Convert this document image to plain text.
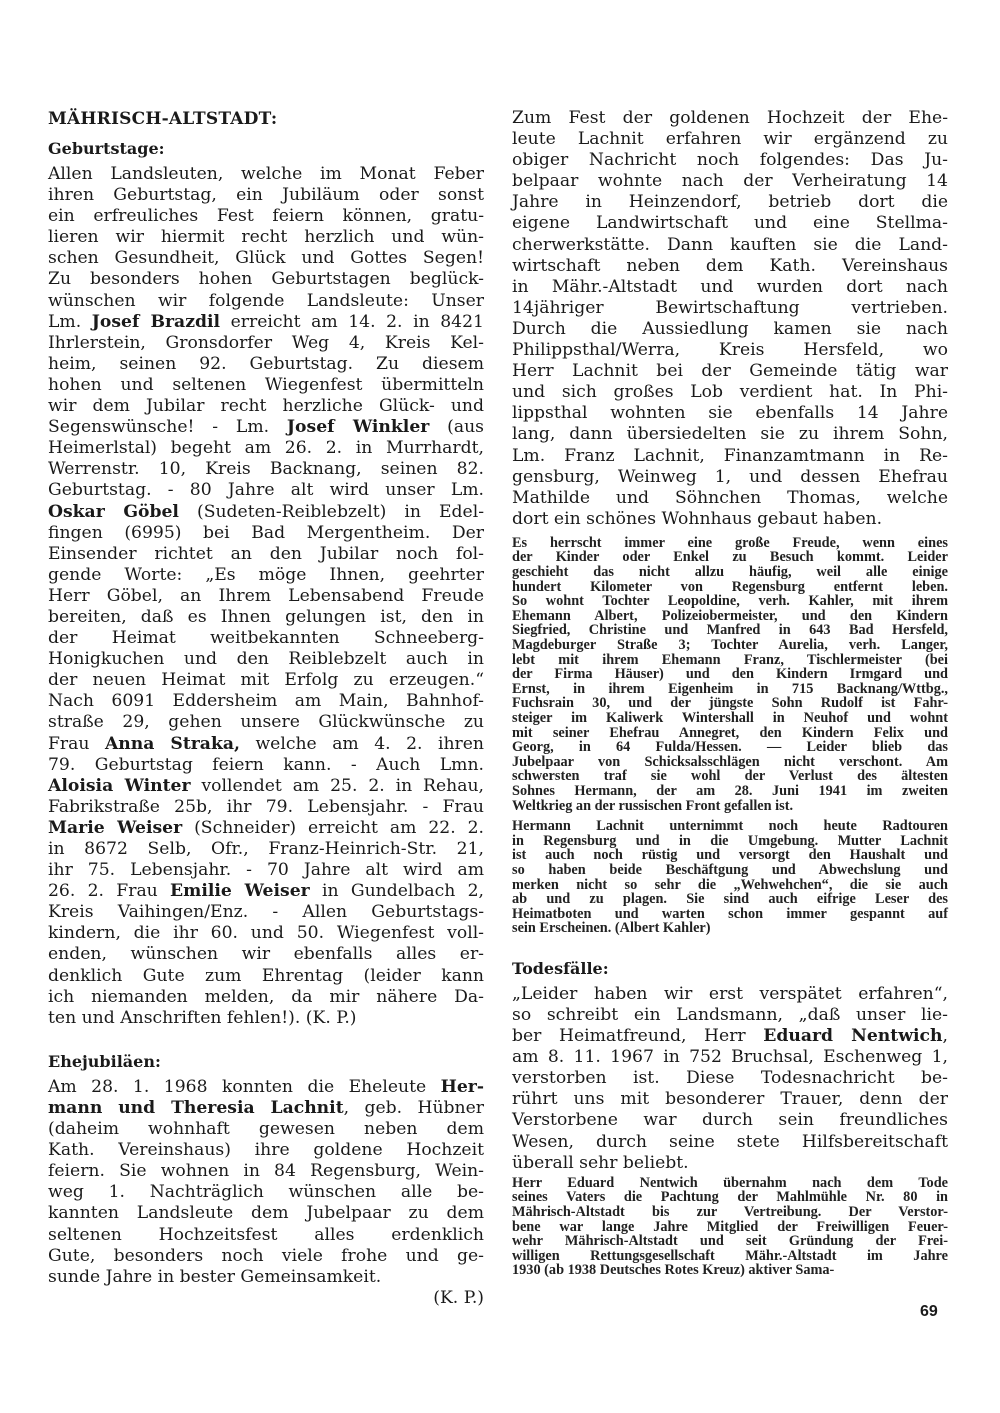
MÄHRISCH-ALTSTADT:
Geburtstage:
Allen Landsleuten, welche im Monat Feber
ihren Geburtstag, ein Jubiläum oder sonst
ein erfreuliches Fest feiern können, gratu-
lieren wir hiermit recht herzlich und wün-
schen Gesundheit, Glück und Gottes Segen!
Zu besonders hohen Geburtstagen beglück-
wünschen wir folgende Landsleute: Unser
Lm. Josef Brazdil erreicht am 14. 2. in 8421
Ihrlerstein, Gronsdorfer Weg 4, Kreis Kel-
heim, seinen 92. Geburtstag. Zu diesem
hohen und seltenen Wiegenfest übermitteln
wir dem Jubilar recht herzliche Glück- und
Segenswünsche! - Lm. Josef Winkler (aus
Heimerlstal) begeht am 26. 2. in Murrhardt,
Werrenstr. 10, Kreis Backnang, seinen 82.
Geburtstag. - 80 Jahre alt wird unser Lm.
Oskar Göbel (Sudeten-Reiblebzelt) in Edel-
fingen (6995) bei Bad Mergentheim. Der
Einsender richtet an den Jubilar noch fol-
gende Worte: „Es möge Ihnen, geehrter
Herr Göbel, an Ihrem Lebensabend Freude
bereiten, daß es Ihnen gelungen ist, den in
der Heimat weitbekannten Schneeberg-
Honigkuchen und den Reiblebzelt auch in
der neuen Heimat mit Erfolg zu erzeugen.“
Nach 6091 Eddersheim am Main, Bahnhof-
straße 29, gehen unsere Glückwünsche zu
Frau Anna Straka, welche am 4. 2. ihren
79. Geburtstag feiern kann. - Auch Lmn.
Aloisia Winter vollendet am 25. 2. in Rehau,
Fabrikstraße 25b, ihr 79. Lebensjahr. - Frau
Marie Weiser (Schneider) erreicht am 22. 2.
in 8672 Selb, Ofr., Franz-Heinrich-Str. 21,
ihr 75. Lebensjahr. - 70 Jahre alt wird am
26. 2. Frau Emilie Weiser in Gundelbach 2,
Kreis Vaihingen/Enz. - Allen Geburtstags-
kindern, die ihr 60. und 50. Wiegenfest voll-
enden, wünschen wir ebenfalls alles er-
denklich Gute zum Ehrentag (leider kann
ich niemanden melden, da mir nähere Da-
ten und Anschriften fehlen!). (K. P.)
Ehejubiläen:
Am 28. 1. 1968 konnten die Eheleute Her-
mann und Theresia Lachnit, geb. Hübner
(daheim wohnhaft gewesen neben dem
Kath. Vereinshaus) ihre goldene Hochzeit
feiern. Sie wohnen in 84 Regensburg, Wein-
weg 1. Nachträglich wünschen alle be-
kannten Landsleute dem Jubelpaar zu dem
seltenen Hochzeitsfest alles erdenklich
Gute, besonders noch viele frohe und ge-
sunde Jahre in bester Gemeinsamkeit.
(K. P.)
Zum Fest der goldenen Hochzeit der Ehe-
leute Lachnit erfahren wir ergänzend zu
obiger Nachricht noch folgendes: Das Ju-
belpaar wohnte nach der Verheiratung 14
Jahre in Heinzendorf, betrieb dort die
eigene Landwirtschaft und eine Stellma-
cherwerkstätte. Dann kauften sie die Land-
wirtschaft neben dem Kath. Vereinshaus
in Mähr.-Altstadt und wurden dort nach
14jähriger Bewirtschaftung vertrieben.
Durch die Aussiedlung kamen sie nach
Philippsthal/Werra, Kreis Hersfeld, wo
Herr Lachnit bei der Gemeinde tätig war
und sich großes Lob verdient hat. In Phi-
lippsthal wohnten sie ebenfalls 14 Jahre
lang, dann übersiedelten sie zu ihrem Sohn,
Lm. Franz Lachnit, Finanzamtmann in Re-
gensburg, Weinweg 1, und dessen Ehefrau
Mathilde und Söhnchen Thomas, welche
dort ein schönes Wohnhaus gebaut haben.
Es herrscht immer eine große Freude, wenn eines
der Kinder oder Enkel zu Besuch kommt. Leider
geschieht das nicht allzu häufig, weil alle einige
hundert Kilometer von Regensburg entfernt leben.
So wohnt Tochter Leopoldine, verh. Kahler, mit ihrem
Ehemann Albert, Polizeiobermeister, und den Kindern
Siegfried, Christine und Manfred in 643 Bad Hersfeld,
Magdeburger Straße 3; Tochter Aurelia, verh. Langer,
lebt mit ihrem Ehemann Franz, Tischlermeister (bei
der Firma Häuser) und den Kindern Irmgard und
Ernst, in ihrem Eigenheim in 715 Backnang/Wttbg.,
Fuchsrain 30, und der jüngste Sohn Rudolf ist Fahr-
steiger im Kaliwerk Wintershall in Neuhof und wohnt
mit seiner Ehefrau Annegret, den Kindern Felix und
Georg, in 64 Fulda/Hessen. — Leider blieb das
Jubelpaar von Schicksalsschlägen nicht verschont. Am
schwersten traf sie wohl der Verlust des ältesten
Sohnes Hermann, der am 28. Juni 1941 im zweiten
Weltkrieg an der russischen Front gefallen ist.
Hermann Lachnit unternimmt noch heute Radtouren
in Regensburg und in die Umgebung. Mutter Lachnit
ist auch noch rüstig und versorgt den Haushalt und
so haben beide Beschäftgung und Abwechslung und
merken nicht so sehr die „Wehwehchen“, die sie auch
ab und zu plagen. Sie sind auch eifrige Leser des
Heimatboten und warten schon immer gespannt auf
sein Erscheinen. (Albert Kahler)
Todesfälle:
„Leider haben wir erst verspätet erfahren“,
so schreibt ein Landsmann, „daß unser lie-
ber Heimatfreund, Herr Eduard Nentwich,
am 8. 11. 1967 in 752 Bruchsal, Eschenweg 1,
verstorben ist. Diese Todesnachricht be-
rührt uns mit besonderer Trauer, denn der
Verstorbene war durch sein freundliches
Wesen, durch seine stete Hilfsbereitschaft
überall sehr beliebt.
Herr Eduard Nentwich übernahm nach dem Tode
seines Vaters die Pachtung der Mahlmühle Nr. 80 in
Mährisch-Altstadt bis zur Vertreibung. Der Verstor-
bene war lange Jahre Mitglied der Freiwilligen Feuer-
wehr Mährisch-Altstadt und seit Gründung der Frei-
willigen Rettungsgesellschaft Mähr.-Altstadt im Jahre
1930 (ab 1938 Deutsches Rotes Kreuz) aktiver Sama-
69
